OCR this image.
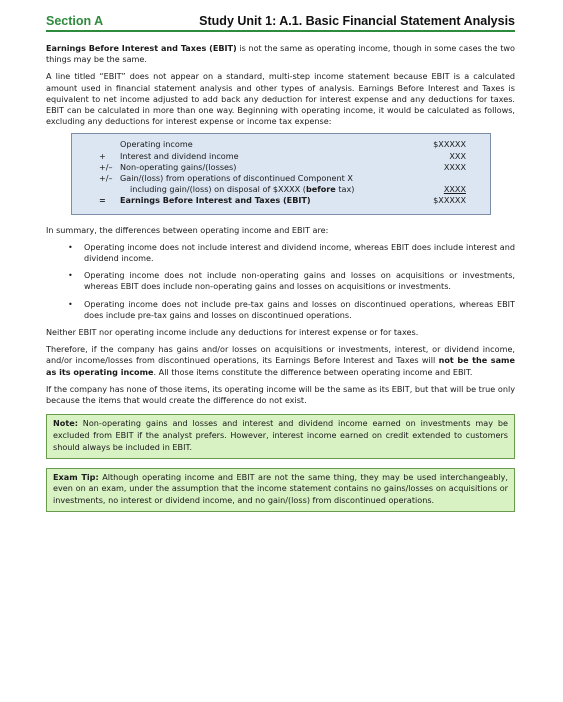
Section A	Study Unit 1: A.1. Basic Financial Statement Analysis

Earnings Before Interest and Taxes (EBIT) is not the same as operating income, though in some cases the two things may be the same.

A line titled “EBIT” does not appear on a standard, multi-step income statement because EBIT is a calculated amount used in financial statement analysis and other types of analysis. Earnings Before Interest and Taxes is equivalent to net income adjusted to add back any deduction for interest expense and any deductions for taxes. EBIT can be calculated in more than one way. Beginning with operating income, it would be calculated as follows, excluding any deductions for interest expense or income tax expense:

Operating income	$XXXXX
+	Interest and dividend income	XXX
+/– Non-operating gains/(losses)	XXXX
+/– Gain/(loss) from operations of discontinued Component X
including gain/(loss) on disposal of $XXXX (before tax)	XXXX
=	Earnings Before Interest and Taxes (EBIT)	$XXXXX

In summary, the differences between operating income and EBIT are:

• Operating income does not include interest and dividend income, whereas EBIT does include interest and dividend income.
• Operating income does not include non-operating gains and losses on acquisitions or investments, whereas EBIT does include non-operating gains and losses on acquisitions or investments.
• Operating income does not include pre-tax gains and losses on discontinued operations, whereas EBIT does include pre-tax gains and losses on discontinued operations.

Neither EBIT nor operating income include any deductions for interest expense or for taxes.

Therefore, if the company has gains and/or losses on acquisitions or investments, interest, or dividend income, and/or income/losses from discontinued operations, its Earnings Before Interest and Taxes will not be the same as its operating income. All those items constitute the difference between operating income and EBIT.

If the company has none of those items, its operating income will be the same as its EBIT, but that will be true only because the items that would create the difference do not exist.

Note: Non-operating gains and losses and interest and dividend income earned on investments may be excluded from EBIT if the analyst prefers. However, interest income earned on credit extended to customers should always be included in EBIT.
Exam Tip: Although operating income and EBIT are not the same thing, they may be used interchangeably, even on an exam, under the assumption that the income statement contains no gains/losses on acquisitions or investments, no interest or dividend income, and no gain/(loss) from discontinued operations.
